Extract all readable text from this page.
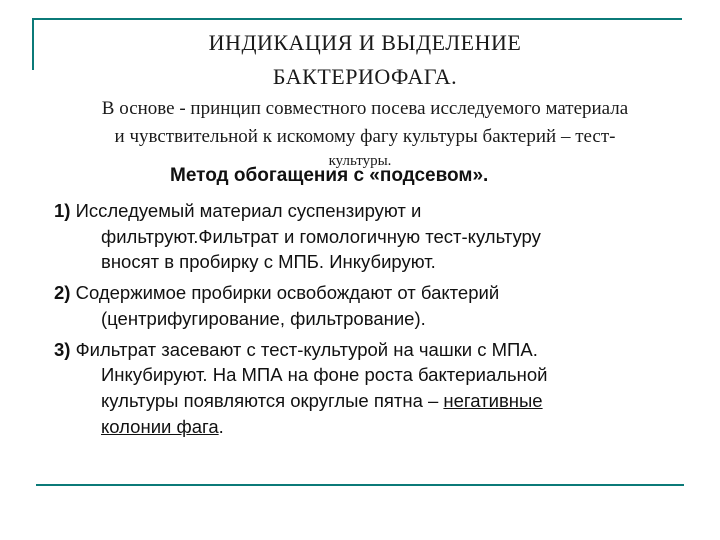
ИНДИКАЦИЯ И ВЫДЕЛЕНИЕ
БАКТЕРИОФАГА.
В основе - принцип совместного посева исследуемого материала
и чувствительной к искомому фагу культуры бактерий – тест-
культуры.
Метод обогащения с «подсевом».
1) Исследуемый материал суспензируют и
фильтруют.Фильтрат и гомологичную тест-культуру
вносят в пробирку с МПБ. Инкубируют.
2) Содержимое пробирки освобождают от бактерий
(центрифугирование, фильтрование).
3) Фильтрат засевают с тест-культурой на чашки с МПА.
Инкубируют. На МПА на фоне роста бактериальной
культуры появляются округлые пятна – негативные
колонии фага.
